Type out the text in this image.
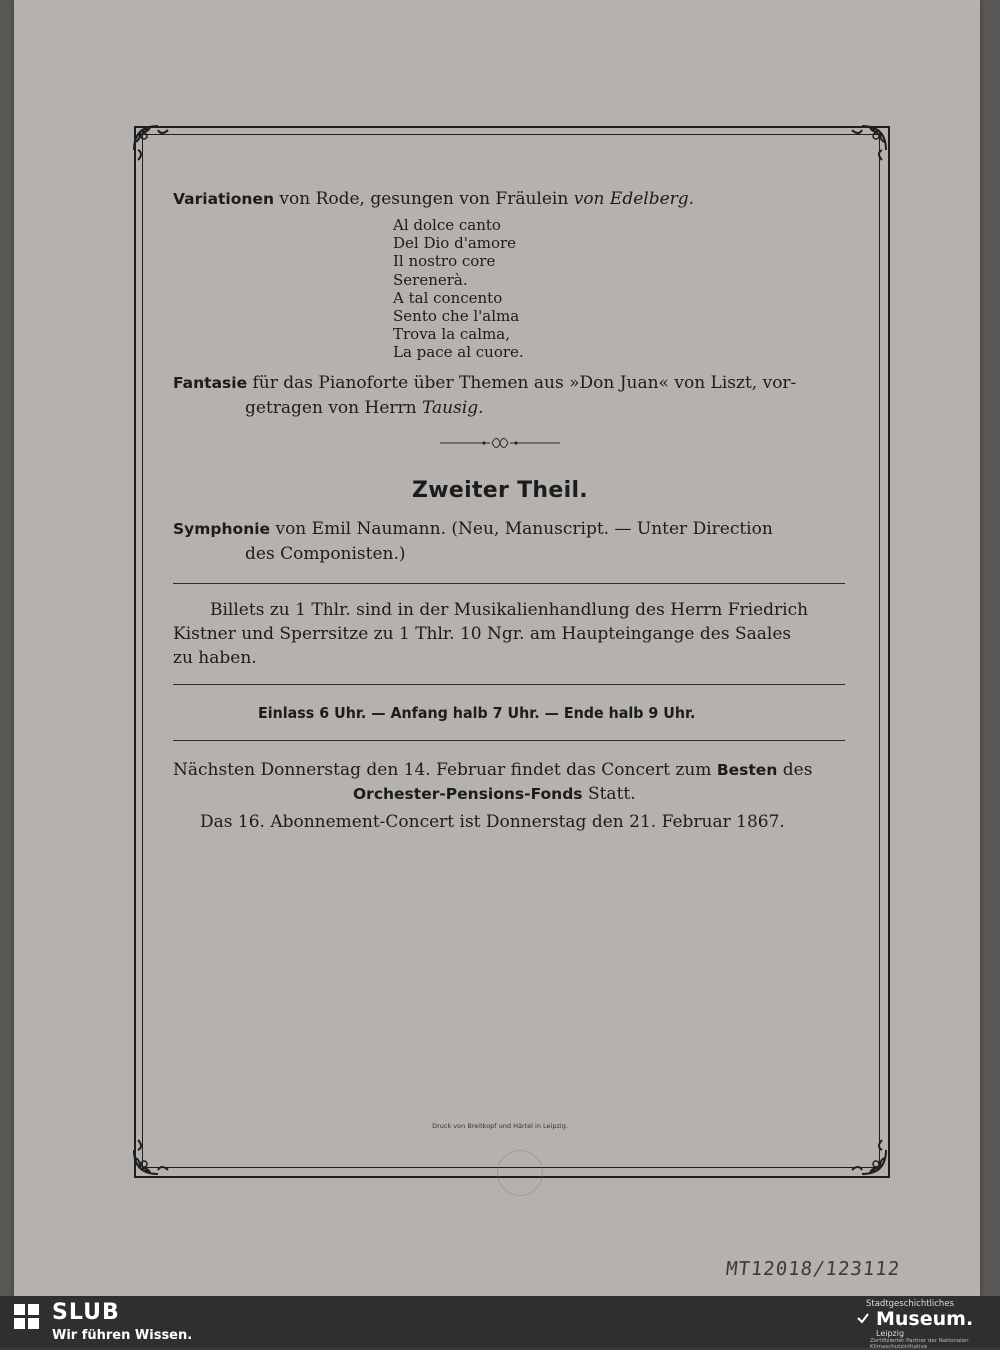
Variationen von Rode, gesungen von Fräulein von Edelberg.
Al dolce canto
Del Dio d'amore
Il nostro core
Serenerà.
A tal concento
Sento che l'alma
Trova la calma,
La pace al cuore.
Fantasie für das Pianoforte über Themen aus »Don Juan« von Liszt, vor-
getragen von Herrn Tausig.
Zweiter Theil.
Symphonie von Emil Naumann. (Neu, Manuscript. — Unter Direction
des Componisten.)
Billets zu 1 Thlr. sind in der Musikalienhandlung des Herrn Friedrich
Kistner und Sperrsitze zu 1 Thlr. 10 Ngr. am Haupteingange des Saales
zu haben.
Einlass 6 Uhr. — Anfang halb 7 Uhr. — Ende halb 9 Uhr.
Nächsten Donnerstag den 14. Februar findet das Concert zum Besten des
Orchester-Pensions-Fonds Statt.
Das 16. Abonnement-Concert ist Donnerstag den 21. Februar 1867.
Druck von Breitkopf und Härtel in Leipzig.
MT12018/123112
SLUB
Wir führen Wissen.
Stadtgeschichtliches
Museum.
Leipzig
Zertifizierter Partner der Nationalen Klimaschutzinitiative
